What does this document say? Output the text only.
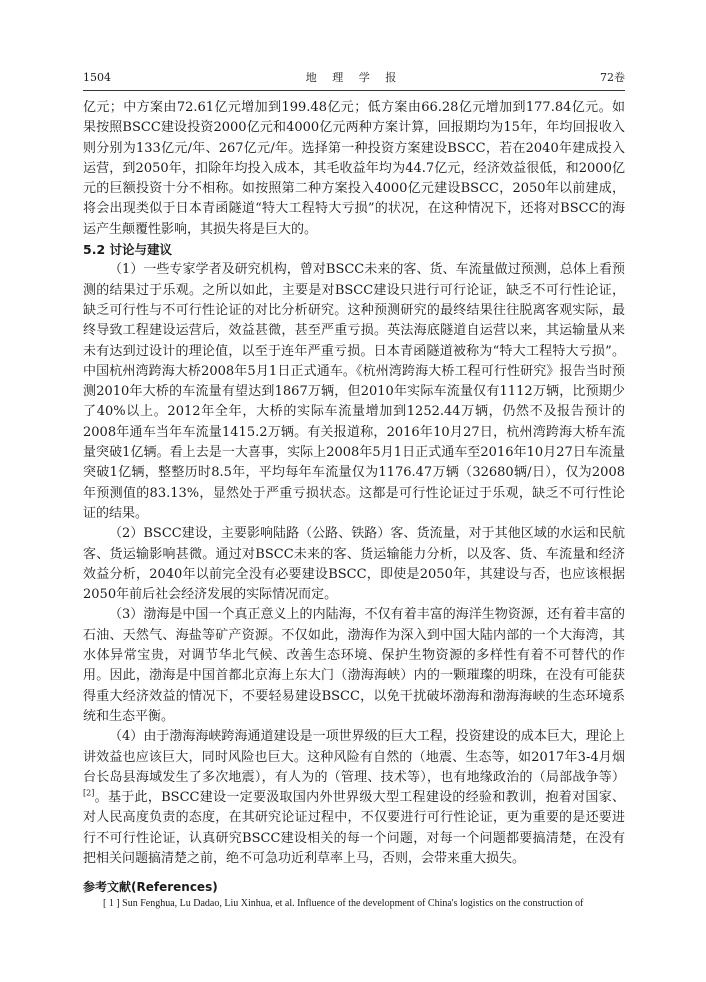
1504	地 理 学 报	72卷

亿元；中方案由72.61亿元增加到199.48亿元；低方案由66.28亿元增加到177.84亿元。如果按照BSCC建设投资2000亿元和4000亿元两种方案计算，回报期均为15年，年均回报收入则分别为133亿元/年、267亿元/年。选择第一种投资方案建设BSCC，若在2040年建成投入运营，到2050年，扣除年均投入成本，其毛收益年均为44.7亿元，经济效益很低，和2000亿元的巨额投资十分不相称。如按照第二种方案投入4000亿元建设BSCC，2050年以前建成，将会出现类似于日本青函隧道“特大工程特大亏损”的状况，在这种情况下，还将对BSCC的海运产生颠覆性影响，其损失将是巨大的。

5.2 讨论与建议

（1）一些专家学者及研究机构，曾对BSCC未来的客、货、车流量做过预测，总体上看预测的结果过于乐观。之所以如此，主要是对BSCC建设只进行可行论证，缺乏不可行性论证，缺乏可行性与不可行性论证的对比分析研究。这种预测研究的最终结果往往脱离客观实际，最终导致工程建设运营后，效益甚微，甚至严重亏损。英法海底隧道自运营以来，其运输量从来未有达到过设计的理论值，以至于连年严重亏损。日本青函隧道被称为“特大工程特大亏损”。中国杭州湾跨海大桥2008年5月1日正式通车。《杭州湾跨海大桥工程可行性研究》报告当时预测2010年大桥的车流量有望达到1867万辆，但2010年实际车流量仅有1112万辆，比预期少了40%以上。2012年全年，大桥的实际车流量增加到1252.44万辆，仍然不及报告预计的2008年通车当年车流量1415.2万辆。有关报道称，2016年10月27日，杭州湾跨海大桥车流量突破1亿辆。看上去是一大喜事，实际上2008年5月1日正式通车至2016年10月27日车流量突破1亿辆，整整历时8.5年，平均每年车流量仅为1176.47万辆（32680辆/日），仅为2008年预测值的83.13%，显然处于严重亏损状态。这都是可行性论证过于乐观，缺乏不可行性论证的结果。

（2）BSCC建设，主要影响陆路（公路、铁路）客、货流量，对于其他区域的水运和民航客、货运输影响甚微。通过对BSCC未来的客、货运输能力分析，以及客、货、车流量和经济效益分析，2040年以前完全没有必要建设BSCC，即使是2050年，其建设与否，也应该根据2050年前后社会经济发展的实际情况而定。

（3）渤海是中国一个真正意义上的内陆海，不仅有着丰富的海洋生物资源，还有着丰富的石油、天然气、海盐等矿产资源。不仅如此，渤海作为深入到中国大陆内部的一个大海湾，其水体异常宝贵，对调节华北气候、改善生态环境、保护生物资源的多样性有着不可替代的作用。因此，渤海是中国首都北京海上东大门（渤海海峡）内的一颗璀璨的明珠，在没有可能获得重大经济效益的情况下，不要轻易建设BSCC，以免干扰破坏渤海和渤海海峡的生态环境系统和生态平衡。

（4）由于渤海海峡跨海通道建设是一项世界级的巨大工程，投资建设的成本巨大，理论上讲效益也应该巨大，同时风险也巨大。这种风险有自然的（地震、生态等，如2017年3-4月烟台长岛县海域发生了多次地震），有人为的（管理、技术等），也有地缘政治的（局部战争等）[2]。基于此，BSCC建设一定要汲取国内外世界级大型工程建设的经验和教训，抱着对国家、对人民高度负责的态度，在其研究论证过程中，不仅要进行可行性论证，更为重要的是还要进行不可行性论证，认真研究BSCC建设相关的每一个问题，对每一个问题都要搞清楚，在没有把相关问题搞清楚之前，绝不可急功近利草率上马，否则，会带来重大损失。

参考文献(References)

[ 1 ] Sun Fenghua, Lu Dadao, Liu Xinhua, et al. Influence of the development of China's logistics on the construction of
